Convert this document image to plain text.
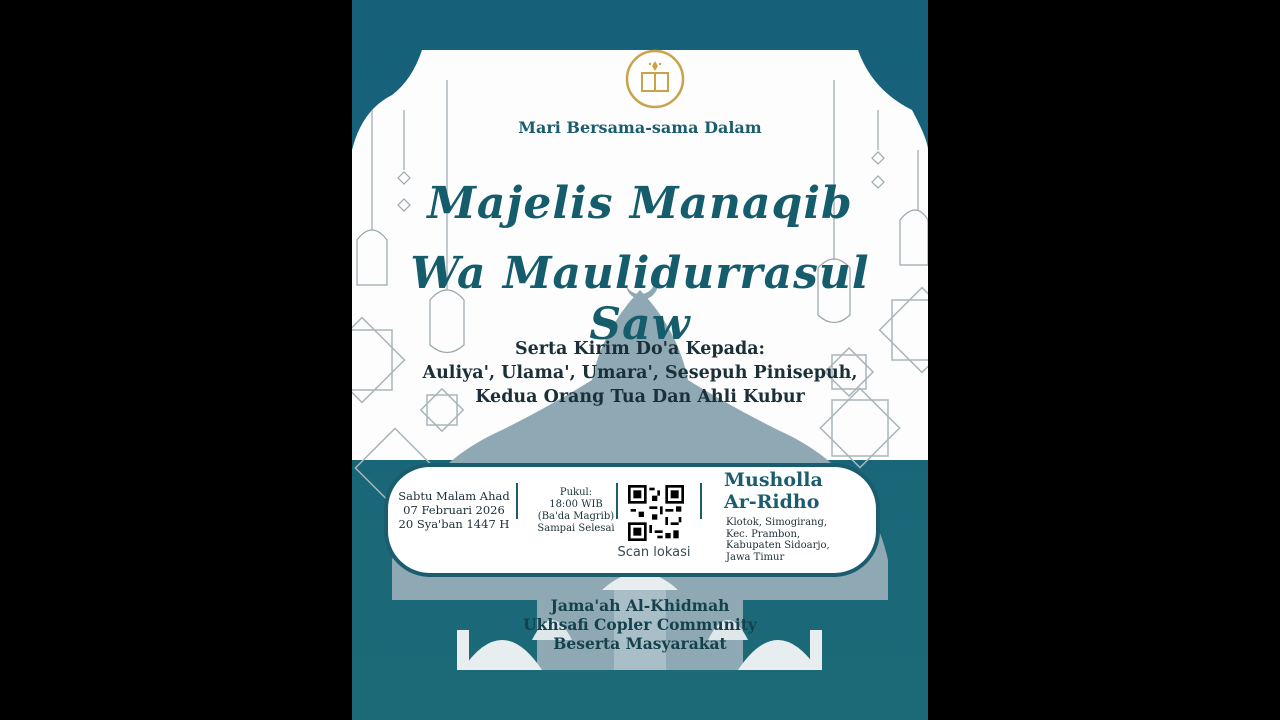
Mari Bersama-sama Dalam
Majelis Manaqib
Wa Maulidurrasul Saw
Serta Kirim Do'a Kepada:
Auliya', Ulama', Umara', Sesepuh Pinisepuh,
Kedua Orang Tua Dan Ahli Kubur
Sabtu Malam Ahad
07 Februari 2026
20 Sya'ban 1447 H
Pukul:
18:00 WIB
(Ba'da Magrib)
Sampai Selesai
Scan lokasi
Musholla
Ar-Ridho
Klotok, Simogirang,
Kec. Prambon,
Kabupaten Sidoarjo,
Jawa Timur
Jama'ah Al-Khidmah
Ukhsafi Copler Community
Beserta Masyarakat
